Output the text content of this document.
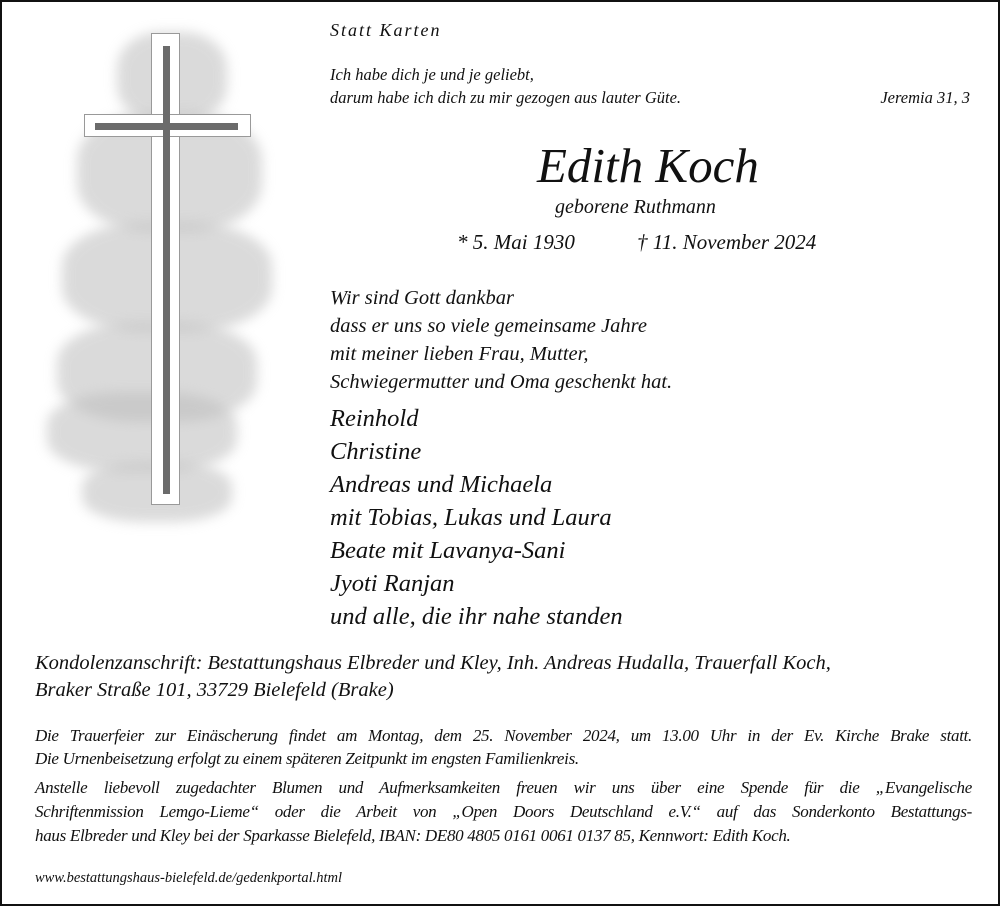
Statt Karten
Ich habe dich je und je geliebt,
darum habe ich dich zu mir gezogen aus lauter Güte.	Jeremia 31, 3
Edith Koch
geborene Ruthmann
* 5. Mai 1930	† 11. November 2024
Wir sind Gott dankbar
dass er uns so viele gemeinsame Jahre
mit meiner lieben Frau, Mutter,
Schwiegermutter und Oma geschenkt hat.
Reinhold
Christine
Andreas und Michaela
mit Tobias, Lukas und Laura
Beate mit Lavanya-Sani
Jyoti Ranjan
und alle, die ihr nahe standen
Kondolenzanschrift: Bestattungshaus Elbreder und Kley, Inh. Andreas Hudalla, Trauerfall Koch,
Braker Straße 101, 33729 Bielefeld (Brake)
Die Trauerfeier zur Einäscherung findet am Montag, dem 25. November 2024, um 13.00 Uhr in der Ev. Kirche Brake statt.
Die Urnenbeisetzung erfolgt zu einem späteren Zeitpunkt im engsten Familienkreis.
Anstelle liebevoll zugedachter Blumen und Aufmerksamkeiten freuen wir uns über eine Spende für die „Evangelische
Schriftenmission Lemgo-Lieme“ oder die Arbeit von „Open Doors Deutschland e.V.“ auf das Sonderkonto Bestattungs-
haus Elbreder und Kley bei der Sparkasse Bielefeld, IBAN: DE80 4805 0161 0061 0137 85, Kennwort: Edith Koch.
www.bestattungshaus-bielefeld.de/gedenkportal.html
